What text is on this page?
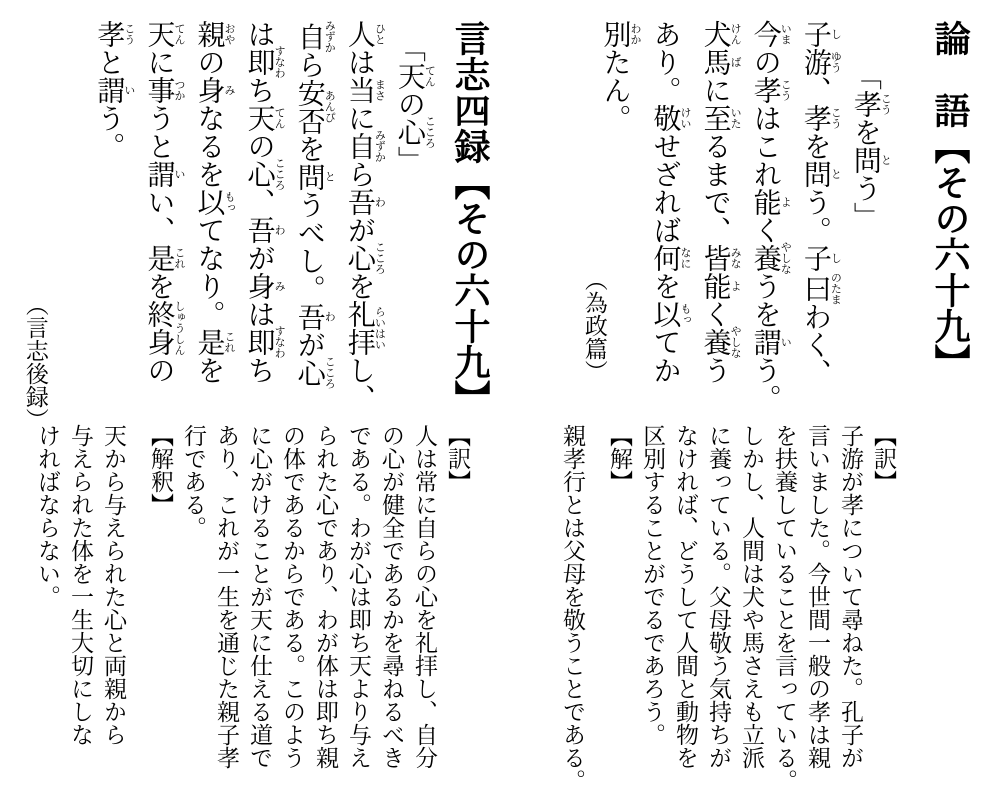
論　語【その六十九】
　　「孝こうを問とう」
子し游ゆう、孝こうを問とう。子し曰のたまわく、
今いまの孝こうはこれ能よく養やしなうを謂いう。
犬けん馬ばに至いたるまで、皆みな能よく養やしなう
あり。敬けいせざれば何なにを以もってか
別わかたん。
（為政篇）
言志四録【その六十九】
　「天てんの心こころ」
人ひとは当まさに自みずから吾わが心こころを礼拝らいはいし、
自みずから安否あんぴを問とうべし。吾わが心こころ
は即すなわち天てんの心こころ、吾わが身みは即すなわち
親おやの身みなるを以もってなり。是これを
天てんに事つかうと謂いい、是これを終身しゅうしんの
孝こうと謂いう。
（言志後録）
【訳】
子游が孝について尋ねた。孔子が
言いました。今世間一般の孝は親
を扶養していることを言っている。
しかし、人間は犬や馬さえも立派
に養っている。父母敬う気持ちが
なければ、どうして人間と動物を
区別することがでるであろう。
【解】
親孝行とは父母を敬うことである。
【訳】
人は常に自らの心を礼拝し、自分
の心が健全であるかを尋ねるべき
である。わが心は即ち天より与え
られた心であり、わが体は即ち親
の体であるからである。このよう
に心がけることが天に仕える道で
あり、これが一生を通じた親子孝
行である。
【解釈】
天から与えられた心と両親から
与えられた体を一生大切にしな
ければならない。
